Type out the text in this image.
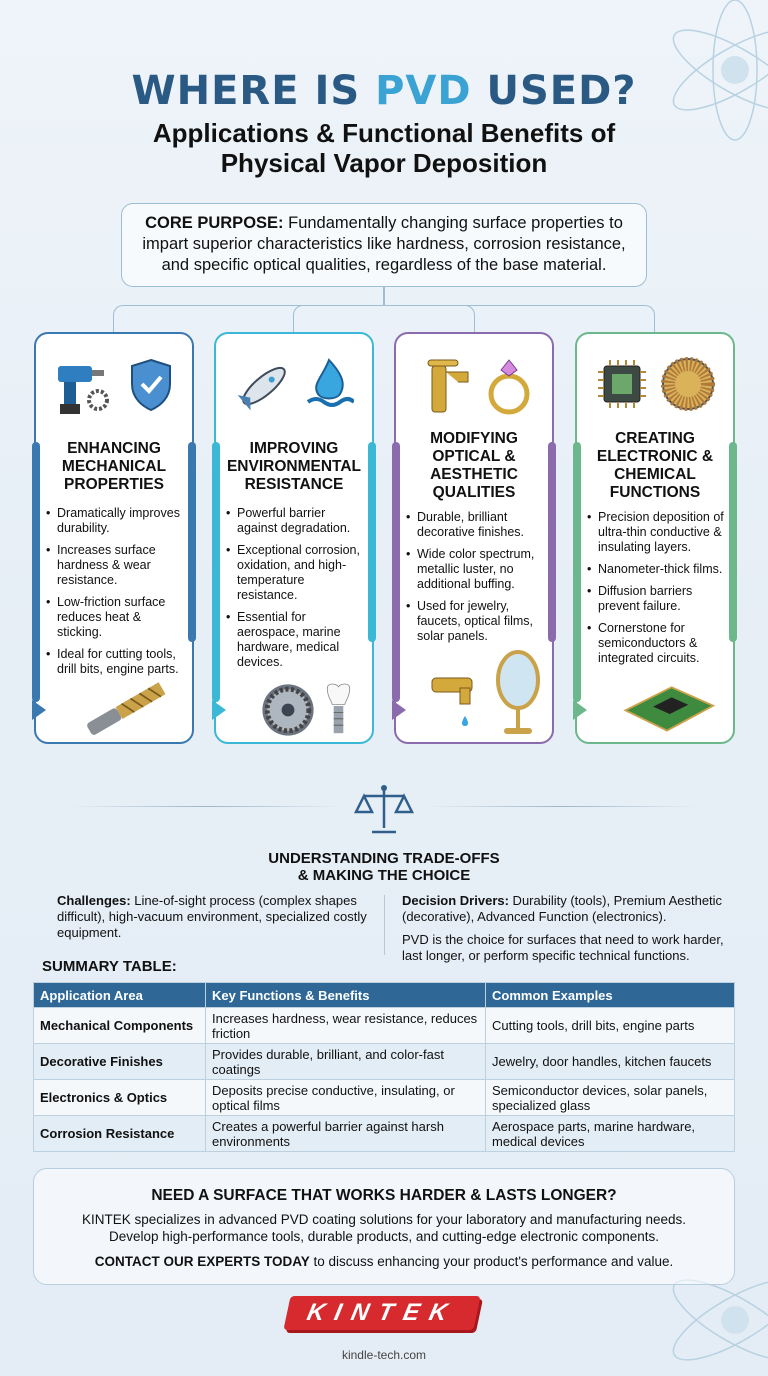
WHERE IS PVD USED?
Applications & Functional Benefits of
Physical Vapor Deposition
CORE PURPOSE: Fundamentally changing surface properties to impart superior characteristics like hardness, corrosion resistance, and specific optical qualities, regardless of the base material.
ENHANCING MECHANICAL PROPERTIES
• Dramatically improves durability.
• Increases surface hardness & wear resistance.
• Low-friction surface reduces heat & sticking.
• Ideal for cutting tools, drill bits, engine parts.
IMPROVING ENVIRONMENTAL RESISTANCE
• Powerful barrier against degradation.
• Exceptional corrosion, oxidation, and high-temperature resistance.
• Essential for aerospace, marine hardware, medical devices.
MODIFYING OPTICAL & AESTHETIC QUALITIES
• Durable, brilliant decorative finishes.
• Wide color spectrum, metallic luster, no additional buffing.
• Used for jewelry, faucets, optical films, solar panels.
CREATING ELECTRONIC & CHEMICAL FUNCTIONS
• Precision deposition of ultra-thin conductive & insulating layers.
• Nanometer-thick films.
• Diffusion barriers prevent failure.
• Cornerstone for semiconductors & integrated circuits.
UNDERSTANDING TRADE-OFFS
& MAKING THE CHOICE
Challenges: Line-of-sight process (complex shapes difficult), high-vacuum environment, specialized costly equipment.
Decision Drivers: Durability (tools), Premium Aesthetic (decorative), Advanced Function (electronics).
PVD is the choice for surfaces that need to work harder, last longer, or perform specific technical functions.
SUMMARY TABLE:
Application Area	Key Functions & Benefits	Common Examples
Mechanical Components	Increases hardness, wear resistance, reduces friction	Cutting tools, drill bits, engine parts
Decorative Finishes	Provides durable, brilliant, and color-fast coatings	Jewelry, door handles, kitchen faucets
Electronics & Optics	Deposits precise conductive, insulating, or optical films	Semiconductor devices, solar panels, specialized glass
Corrosion Resistance	Creates a powerful barrier against harsh environments	Aerospace parts, marine hardware, medical devices
NEED A SURFACE THAT WORKS HARDER & LASTS LONGER?
KINTEK specializes in advanced PVD coating solutions for your laboratory and manufacturing needs.
Develop high-performance tools, durable products, and cutting-edge electronic components.
CONTACT OUR EXPERTS TODAY to discuss enhancing your product's performance and value.
KINTEK
kindle-tech.com
